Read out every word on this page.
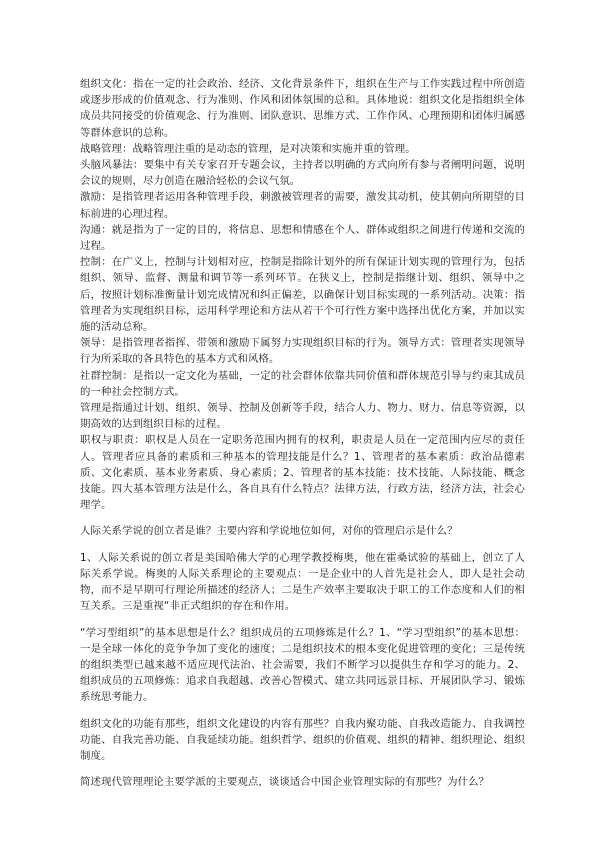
组织文化：指在一定的社会政治、经济、文化背景条件下，组织在生产与工作实践过程中所创造或逐步形成的价值观念、行为准则、作风和团体氛围的总和。具体地说：组织文化是指组织全体成员共同接受的价值观念、行为准则、团队意识、思维方式、工作作风、心理预期和团体归属感等群体意识的总称。

战略管理：战略管理注重的是动态的管理，是对决策和实施并重的管理。

头脑风暴法：要集中有关专家召开专题会议，主持者以明确的方式向所有参与者阐明问题，说明会议的规则，尽力创造在融洽轻松的会议气氛。

激励：是指管理者运用各种管理手段，刺激被管理者的需要，激发其动机，使其朝向所期望的目标前进的心理过程。

沟通：就是指为了一定的目的，将信息、思想和情感在个人、群体或组织之间进行传递和交流的过程。

控制：在广义上，控制与计划相对应，控制是指除计划外的所有保证计划实现的管理行为，包括组织、领导、监督、测量和调节等一系列环节。在狭义上，控制是指继计划、组织、领导中之后，按照计划标准衡量计划完成情况和纠正偏差，以确保计划目标实现的一系列活动。决策：指管理者为实现组织目标，运用科学理论和方法从若干个可行性方案中选择出优化方案，并加以实施的活动总称。

领导：是指管理者指挥、带领和激励下属努力实现组织目标的行为。领导方式：管理者实现领导行为所采取的各具特色的基本方式和风格。

社群控制：是指以一定文化为基础，一定的社会群体依靠共同价值和群体规范引导与约束其成员的一种社会控制方式。

管理是指通过计划、组织、领导、控制及创新等手段，结合人力、物力、财力、信息等资源，以期高效的达到组织目标的过程。

职权与职责：职权是人员在一定职务范围内拥有的权利，职责是人员在一定范围内应尽的责任人。管理者应具备的素质和三种基本的管理技能是什么？1、管理者的基本素质：政治品德素质、文化素质、基本业务素质、身心素质；2、管理者的基本技能：技术技能、人际技能、概念技能。四大基本管理方法是什么，各自具有什么特点？法律方法，行政方法，经济方法，社会心理学。

人际关系学说的创立者是谁？主要内容和学说地位如何，对你的管理启示是什么？

1、人际关系说的创立者是美国哈佛大学的心理学教授梅奥，他在霍桑试验的基础上，创立了人际关系学说。梅奥的人际关系理论的主要观点：一是企业中的人首先是社会人，即人是社会动物，而不是早期可行理论所描述的经济人；二是生产效率主要取决于职工的工作态度和人们的相互关系。三是重视“非正式组织的存在和作用。

“学习型组织”的基本思想是什么？组织成员的五项修炼是什么？1、“学习型组织”的基本思想：一是全球一体化的竞争争加了变化的速度；二是组织技术的根本变化促进管理的变化；三是传统的组织类型已越来越不适应现代法治、社会需要，我们不断学习以提供生存和学习的能力。2、组织成员的五项修炼：追求自我超越、改善心智模式、建立共同远景目标、开展团队学习、锻炼系统思考能力。

组织文化的功能有那些，组织文化建设的内容有那些？自我内聚功能、自我改造能力、自我调控功能、自我完善功能、自我延续功能。组织哲学、组织的价值观、组织的精神、组织理论、组织制度。

简述现代管理理论主要学派的主要观点，谈谈适合中国企业管理实际的有那些？为什么？
